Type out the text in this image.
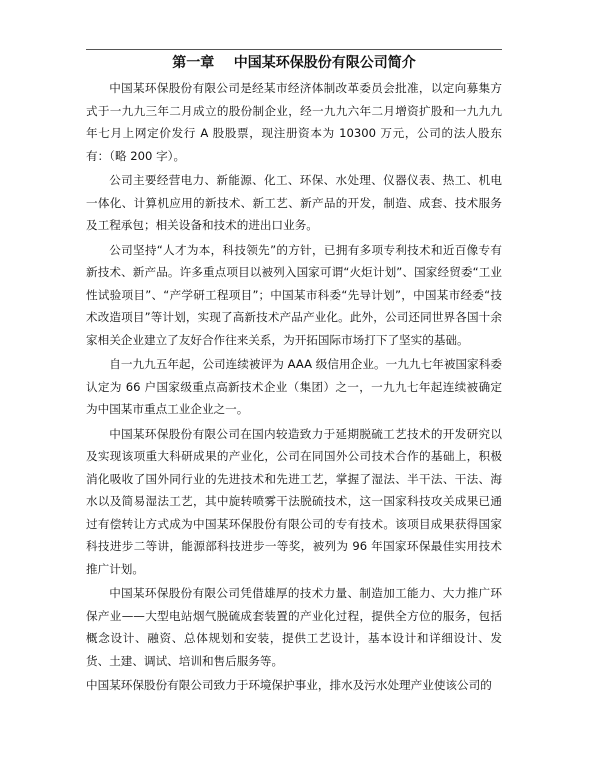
第一章    中国某环保股份有限公司简介

中国某环保股份有限公司是经某市经济体制改革委员会批准，以定向募集方式于一九九三年二月成立的股份制企业，经一九九六年二月增资扩股和一九九九年七月上网定价发行 A 股股票，现注册资本为 10300 万元，公司的法人股东有：（略 200 字）。

公司主要经营电力、新能源、化工、环保、水处理、仪器仪表、热工、机电一体化、计算机应用的新技术、新工艺、新产品的开发，制造、成套、技术服务及工程承包；相关设备和技术的进出口业务。

公司坚持“人才为本，科技领先”的方针，已拥有多项专利技术和近百像专有新技术、新产品。许多重点项目以被列入国家可谓“火炬计划”、国家经贸委“工业性试验项目”、“产学研工程项目”；中国某市科委“先导计划”，中国某市经委“技术改造项目”等计划，实现了高新技术产品产业化。此外，公司还同世界各国十余家相关企业建立了友好合作往来关系，为开拓国际市场打下了坚实的基础。

自一九九五年起，公司连续被评为 AAA 级信用企业。一九九七年被国家科委认定为 66 户国家级重点高新技术企业（集团）之一，一九九七年起连续被确定为中国某市重点工业企业之一。

中国某环保股份有限公司在国内较造致力于延期脱硫工艺技术的开发研究以及实现该项重大科研成果的产业化，公司在同国外公司技术合作的基础上，积极消化吸收了国外同行业的先进技术和先进工艺，掌握了湿法、半干法、干法、海水以及简易湿法工艺，其中旋转喷雾干法脱硫技术，这一国家科技攻关成果已通过有偿转让方式成为中国某环保股份有限公司的专有技术。该项目成果获得国家科技进步二等讲，能源部科技进步一等奖，被列为 96 年国家环保最佳实用技术推广计划。

中国某环保股份有限公司凭借雄厚的技术力量、制造加工能力、大力推广环保产业——大型电站烟气脱硫成套装置的产业化过程，提供全方位的服务，包括概念设计、融资、总体规划和安装，提供工艺设计，基本设计和详细设计、发货、土建、调试、培训和售后服务等。

中国某环保股份有限公司致力于环境保护事业，排水及污水处理产业使该公司的
